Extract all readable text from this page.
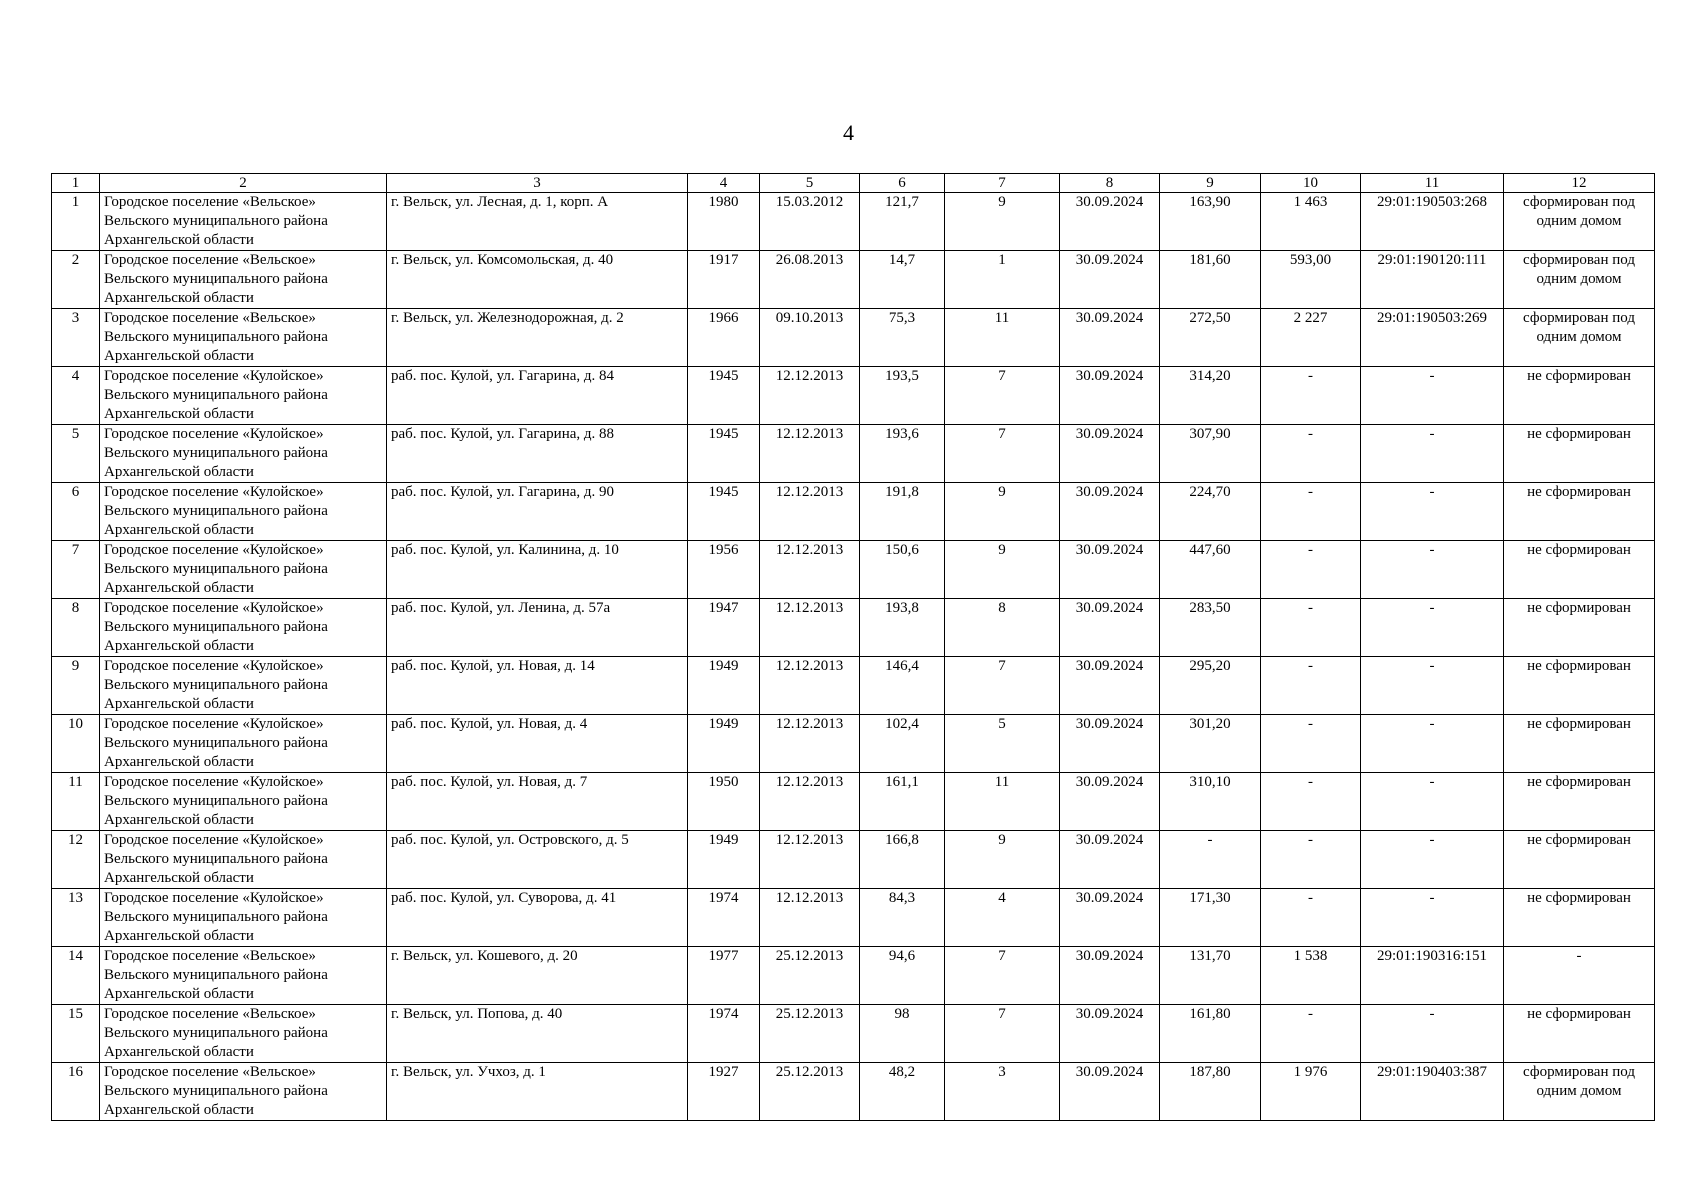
4
1	2	3	4	5	6	7	8	9	10	11	12
1	Городское поселение «Вельское» Вельского муниципального района Архангельской области	г. Вельск, ул. Лесная, д. 1, корп. А	1980	15.03.2012	121,7	9	30.09.2024	163,90	1 463	29:01:190503:268	сформирован под одним домом
2	Городское поселение «Вельское» Вельского муниципального района Архангельской области	г. Вельск, ул. Комсомольская, д. 40	1917	26.08.2013	14,7	1	30.09.2024	181,60	593,00	29:01:190120:111	сформирован под одним домом
3	Городское поселение «Вельское» Вельского муниципального района Архангельской области	г. Вельск, ул. Железнодорожная, д. 2	1966	09.10.2013	75,3	11	30.09.2024	272,50	2 227	29:01:190503:269	сформирован под одним домом
4	Городское поселение «Кулойское» Вельского муниципального района Архангельской области	раб. пос. Кулой, ул. Гагарина, д. 84	1945	12.12.2013	193,5	7	30.09.2024	314,20	-	-	не сформирован
5	Городское поселение «Кулойское» Вельского муниципального района Архангельской области	раб. пос. Кулой, ул. Гагарина, д. 88	1945	12.12.2013	193,6	7	30.09.2024	307,90	-	-	не сформирован
6	Городское поселение «Кулойское» Вельского муниципального района Архангельской области	раб. пос. Кулой, ул. Гагарина, д. 90	1945	12.12.2013	191,8	9	30.09.2024	224,70	-	-	не сформирован
7	Городское поселение «Кулойское» Вельского муниципального района Архангельской области	раб. пос. Кулой, ул. Калинина, д. 10	1956	12.12.2013	150,6	9	30.09.2024	447,60	-	-	не сформирован
8	Городское поселение «Кулойское» Вельского муниципального района Архангельской области	раб. пос. Кулой, ул. Ленина, д. 57а	1947	12.12.2013	193,8	8	30.09.2024	283,50	-	-	не сформирован
9	Городское поселение «Кулойское» Вельского муниципального района Архангельской области	раб. пос. Кулой, ул. Новая, д. 14	1949	12.12.2013	146,4	7	30.09.2024	295,20	-	-	не сформирован
10	Городское поселение «Кулойское» Вельского муниципального района Архангельской области	раб. пос. Кулой, ул. Новая, д. 4	1949	12.12.2013	102,4	5	30.09.2024	301,20	-	-	не сформирован
11	Городское поселение «Кулойское» Вельского муниципального района Архангельской области	раб. пос. Кулой, ул. Новая, д. 7	1950	12.12.2013	161,1	11	30.09.2024	310,10	-	-	не сформирован
12	Городское поселение «Кулойское» Вельского муниципального района Архангельской области	раб. пос. Кулой, ул. Островского, д. 5	1949	12.12.2013	166,8	9	30.09.2024	-	-	-	не сформирован
13	Городское поселение «Кулойское» Вельского муниципального района Архангельской области	раб. пос. Кулой, ул. Суворова, д. 41	1974	12.12.2013	84,3	4	30.09.2024	171,30	-	-	не сформирован
14	Городское поселение «Вельское» Вельского муниципального района Архангельской области	г. Вельск, ул. Кошевого, д. 20	1977	25.12.2013	94,6	7	30.09.2024	131,70	1 538	29:01:190316:151	-
15	Городское поселение «Вельское» Вельского муниципального района Архангельской области	г. Вельск, ул. Попова, д. 40	1974	25.12.2013	98	7	30.09.2024	161,80	-	-	не сформирован
16	Городское поселение «Вельское» Вельского муниципального района Архангельской области	г. Вельск, ул. Учхоз, д. 1	1927	25.12.2013	48,2	3	30.09.2024	187,80	1 976	29:01:190403:387	сформирован под одним домом
